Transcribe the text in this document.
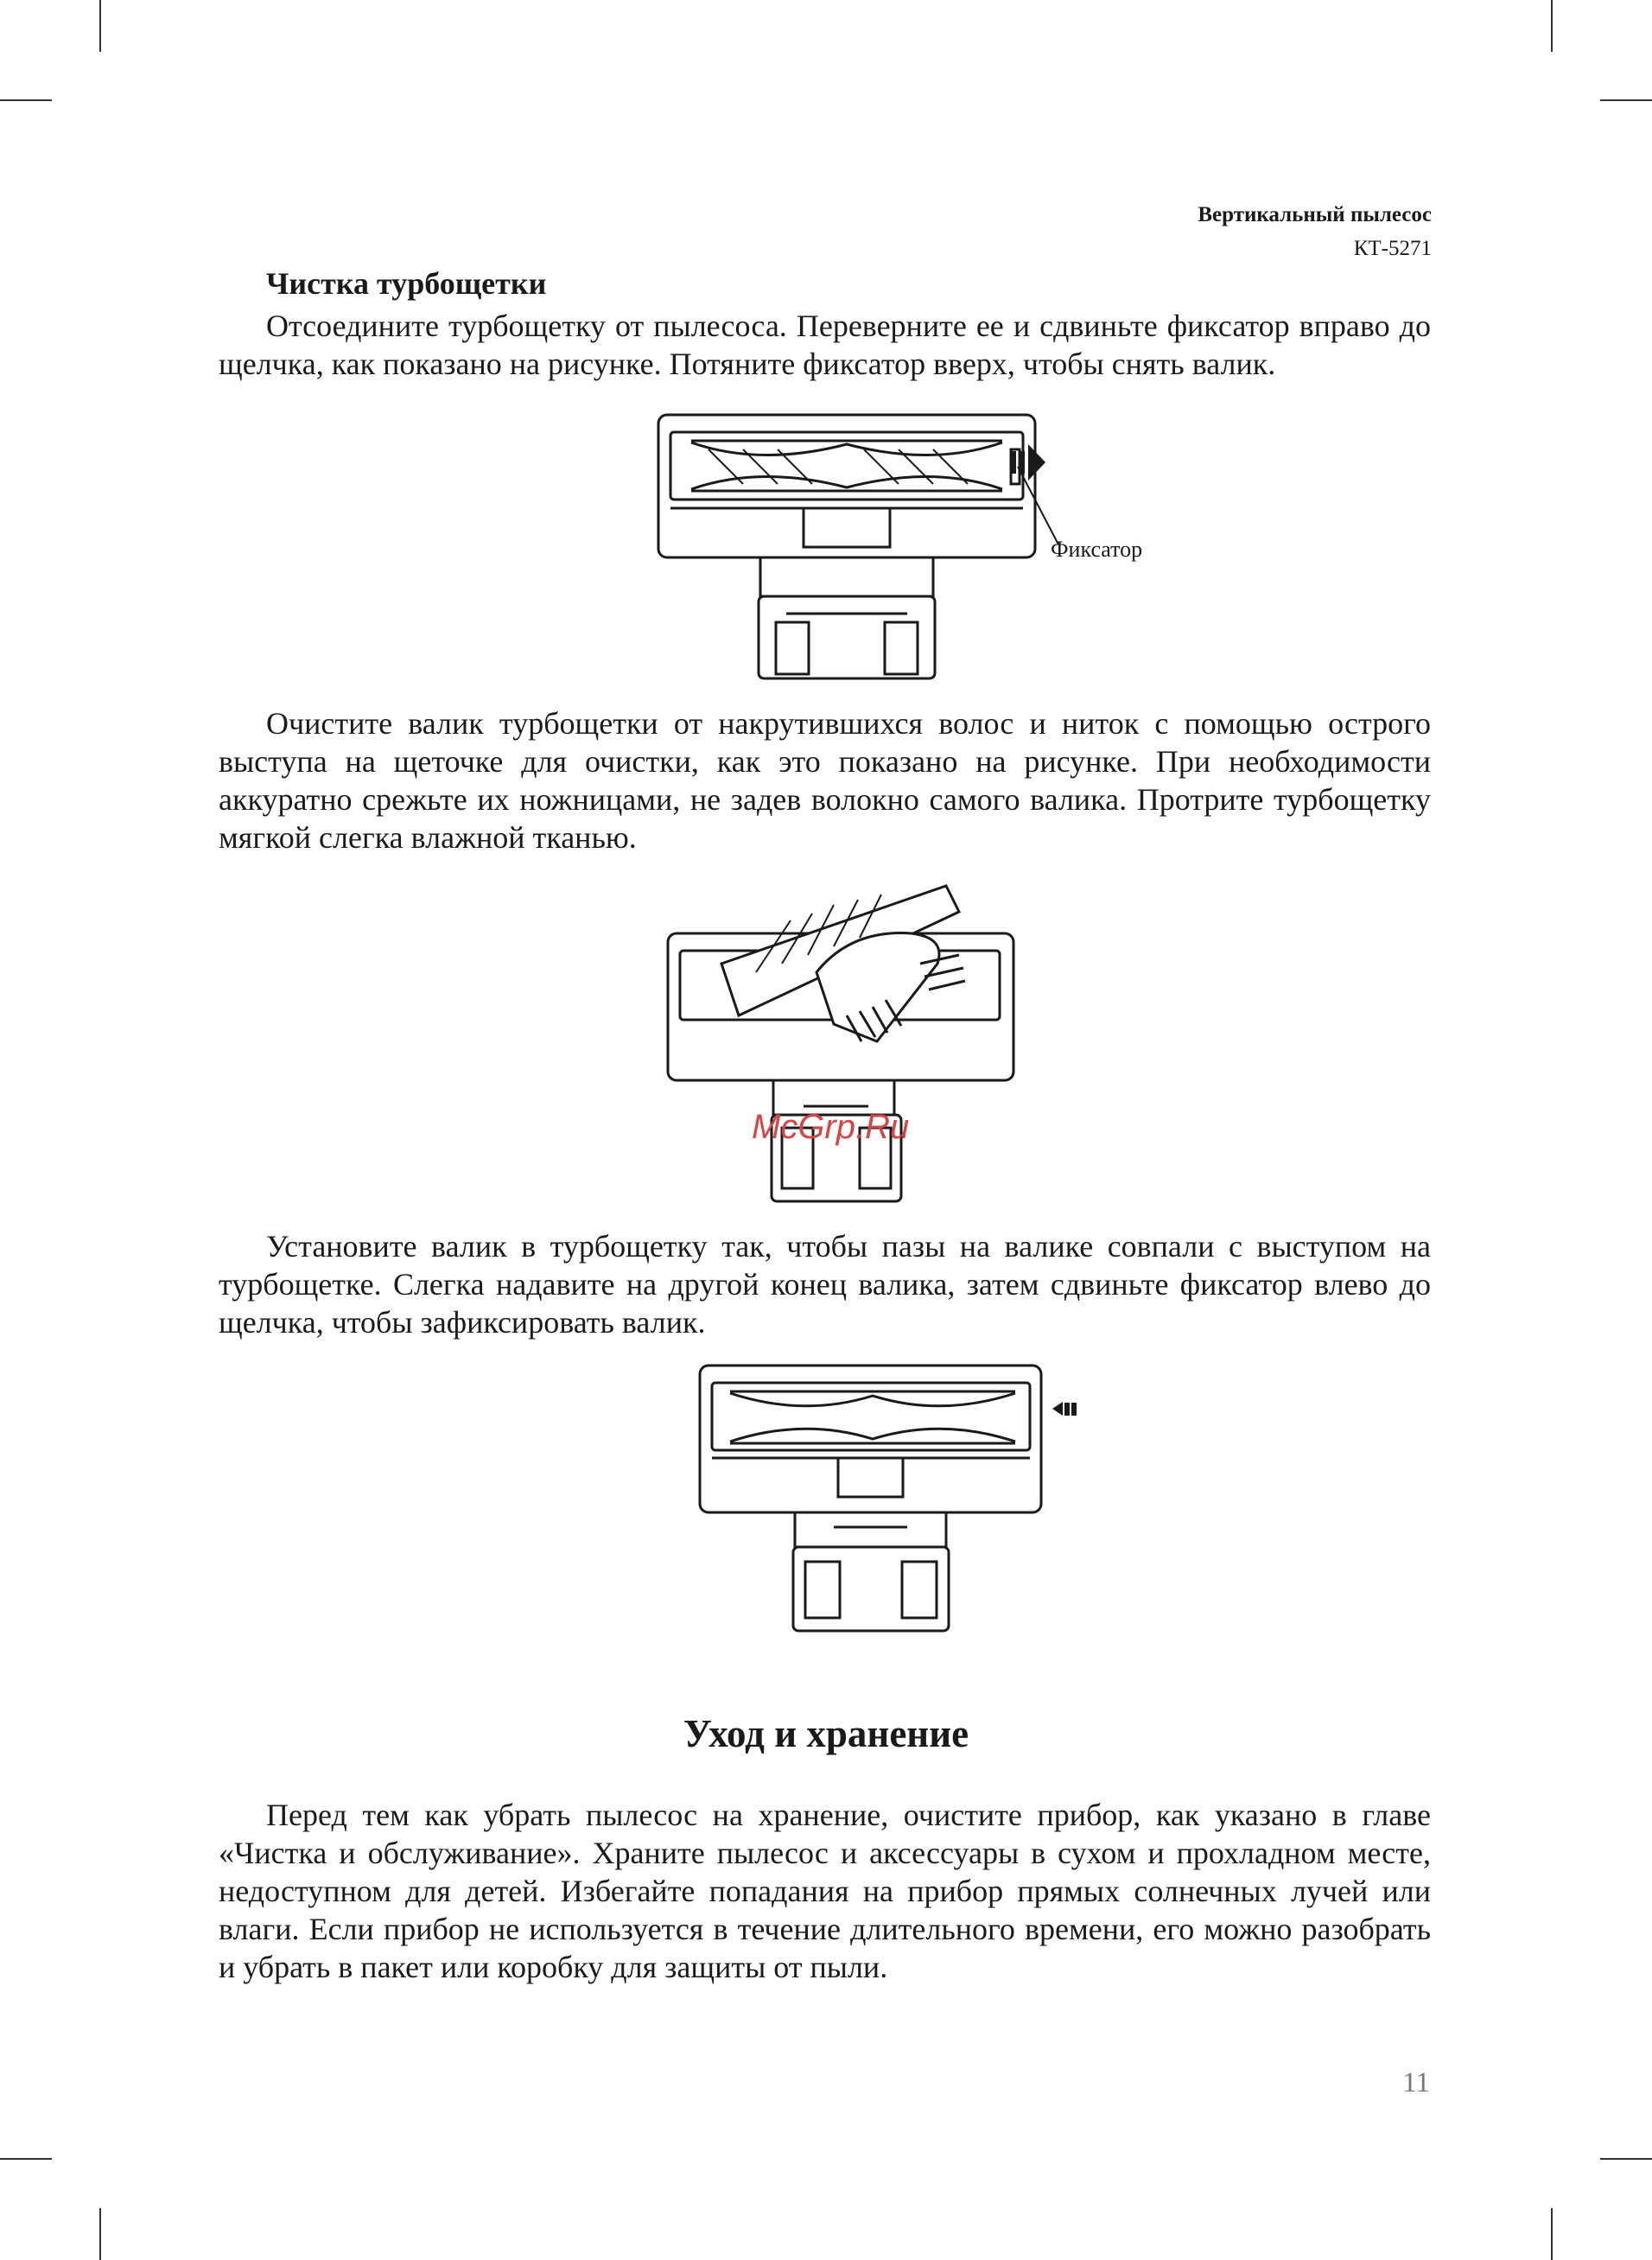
Вертикальный пылесос
КТ-5271
Чистка турбощетки
Отсоедините турбощетку от пылесоса. Переверните ее и сдвиньте фиксатор вправо до щелчка, как показано на рисунке. Потяните фиксатор вверх, чтобы снять валик.
Фиксатор
Очистите валик турбощетки от накрутившихся волос и ниток с помощью острого выступа на щеточке для очистки, как это показано на рисунке. При необходимости аккуратно срежьте их ножницами, не задев волокно самого валика. Протрите турбощетку мягкой слегка влажной тканью.
McGrp.Ru
Установите валик в турбощетку так, чтобы пазы на валике совпали с выступом на турбощетке. Слегка надавите на другой конец валика, затем сдвиньте фиксатор влево до щелчка, чтобы зафиксировать валик.
Уход и хранение
Перед тем как убрать пылесос на хранение, очистите прибор, как указано в главе «Чистка и обслуживание». Храните пылесос и аксессуары в сухом и прохладном месте, недоступном для детей. Избегайте попадания на прибор прямых солнечных лучей или влаги. Если прибор не используется в течение длительного времени, его можно разобрать и убрать в пакет или коробку для защиты от пыли.
11
